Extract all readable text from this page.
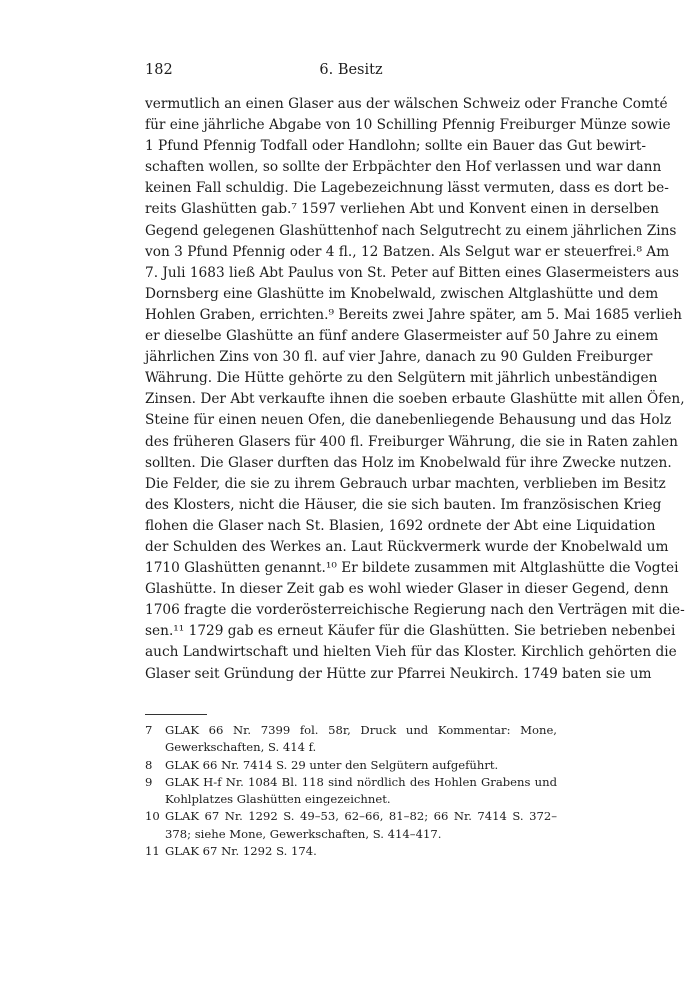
182	6. Besitz
vermutlich an einen Glaser aus der wälschen Schweiz oder Franche Comté
für eine jährliche Abgabe von 10 Schilling Pfennig Freiburger Münze sowie
1 Pfund Pfennig Todfall oder Handlohn; sollte ein Bauer das Gut bewirt-
schaften wollen, so sollte der Erbpächter den Hof verlassen und war dann
keinen Fall schuldig. Die Lagebezeichnung lässt vermuten, dass es dort be-
reits Glashütten gab.⁷ 1597 verliehen Abt und Konvent einen in derselben
Gegend gelegenen Glashüttenhof nach Selgutrecht zu einem jährlichen Zins
von 3 Pfund Pfennig oder 4 fl., 12 Batzen. Als Selgut war er steuerfrei.⁸ Am
7. Juli 1683 ließ Abt Paulus von St. Peter auf Bitten eines Glasermeisters aus
Dornsberg eine Glashütte im Knobelwald, zwischen Altglashütte und dem
Hohlen Graben, errichten.⁹ Bereits zwei Jahre später, am 5. Mai 1685 verlieh
er dieselbe Glashütte an fünf andere Glasermeister auf 50 Jahre zu einem
jährlichen Zins von 30 fl. auf vier Jahre, danach zu 90 Gulden Freiburger
Währung. Die Hütte gehörte zu den Selgütern mit jährlich unbeständigen
Zinsen. Der Abt verkaufte ihnen die soeben erbaute Glashütte mit allen Öfen,
Steine für einen neuen Ofen, die danebenliegende Behausung und das Holz
des früheren Glasers für 400 fl. Freiburger Währung, die sie in Raten zahlen
sollten. Die Glaser durften das Holz im Knobelwald für ihre Zwecke nutzen.
Die Felder, die sie zu ihrem Gebrauch urbar machten, verblieben im Besitz
des Klosters, nicht die Häuser, die sie sich bauten. Im französischen Krieg
flohen die Glaser nach St. Blasien, 1692 ordnete der Abt eine Liquidation
der Schulden des Werkes an. Laut Rückvermerk wurde der Knobelwald um
1710 Glashütten genannt.¹⁰ Er bildete zusammen mit Altglashütte die Vogtei
Glashütte. In dieser Zeit gab es wohl wieder Glaser in dieser Gegend, denn
1706 fragte die vorderösterreichische Regierung nach den Verträgen mit die-
sen.¹¹ 1729 gab es erneut Käufer für die Glashütten. Sie betrieben nebenbei
auch Landwirtschaft und hielten Vieh für das Kloster. Kirchlich gehörten die
Glaser seit Gründung der Hütte zur Pfarrei Neukirch. 1749 baten sie um
7	GLAK 66 Nr. 7399 fol. 58r, Druck und Kommentar: Mone, Gewerkschaften, S. 414 f.
8	GLAK 66 Nr. 7414 S. 29 unter den Selgütern aufgeführt.
9	GLAK H-f Nr. 1084 Bl. 118 sind nördlich des Hohlen Grabens und Kohlplatzes Glashütten eingezeichnet.
10 GLAK 67 Nr. 1292 S. 49–53, 62–66, 81–82; 66 Nr. 7414 S. 372–378; siehe Mone, Gewerkschaften, S. 414–417.
11 GLAK 67 Nr. 1292 S. 174.
